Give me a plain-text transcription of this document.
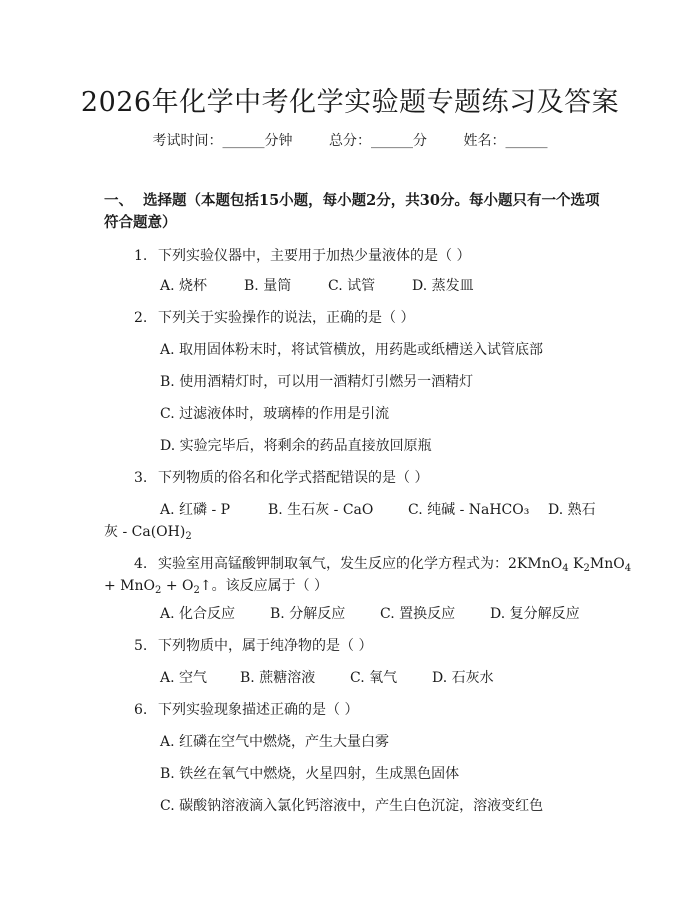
2026年化学中考化学实验题专题练习及答案
考试时间：______分钟	总分：______分	姓名：______
一、 选择题（本题包括15小题，每小题2分，共30分。每小题只有一个选项符合题意）
1. 下列实验仪器中，主要用于加热少量液体的是（ ）
A. 烧杯	B. 量筒	C. 试管	D. 蒸发皿
2. 下列关于实验操作的说法，正确的是（ ）
A. 取用固体粉末时，将试管横放，用药匙或纸槽送入试管底部
B. 使用酒精灯时，可以用一酒精灯引燃另一酒精灯
C. 过滤液体时，玻璃棒的作用是引流
D. 实验完毕后，将剩余的药品直接放回原瓶
3. 下列物质的俗名和化学式搭配错误的是（ ）
A. 红磷 - P	B. 生石灰 - CaO C. 纯碱 - NaHCO₃	D. 熟石
灰 - $Ca(OH)_2$
4. 实验室用高锰酸钾制取氧气，发生反应的化学方程式为：2KMnO$_4$ $K_2MnO_4$
+ $MnO_2 + O_2↑$。该反应属于（ ）
A. 化合反应 B. 分解反应 C. 置换反应 D. 复分解反应
5. 下列物质中，属于纯净物的是（ ）
A. 空气 B. 蔗糖溶液 C. 氧气 D. 石灰水
6. 下列实验现象描述正确的是（ ）
A. 红磷在空气中燃烧，产生大量白雾
B. 铁丝在氧气中燃烧，火星四射，生成黑色固体
C. 碳酸钠溶液滴入氯化钙溶液中，产生白色沉淀，溶液变红色
